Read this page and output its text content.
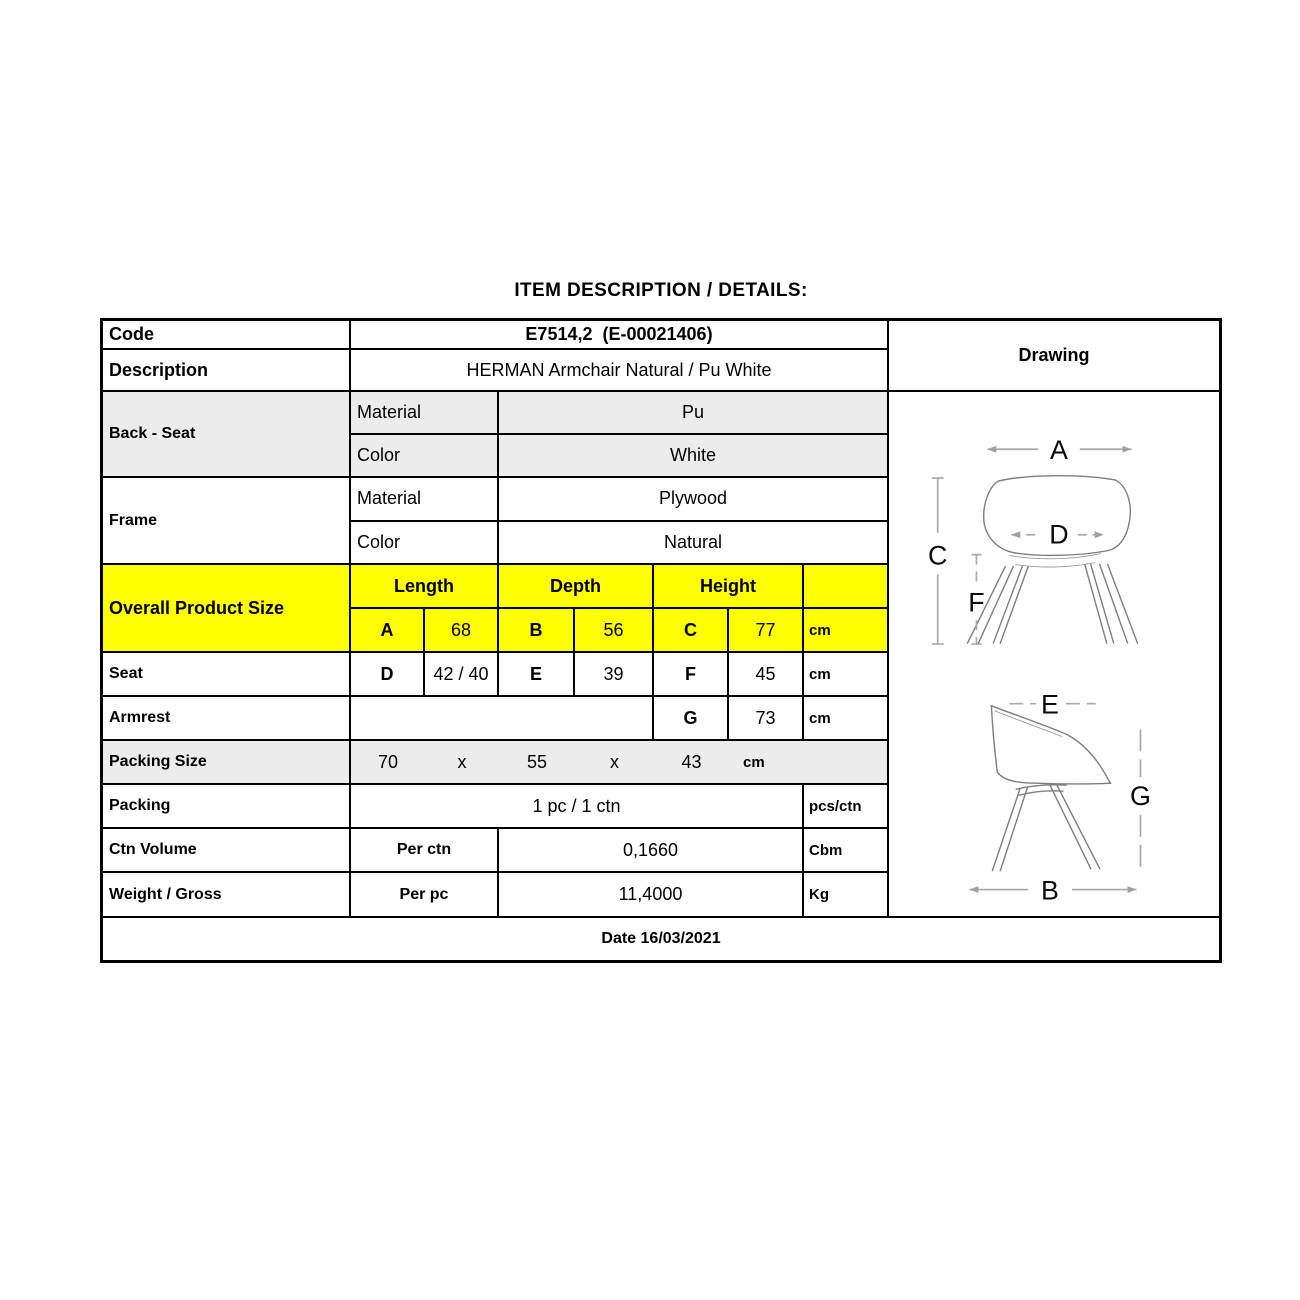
ITEM DESCRIPTION / DETAILS:
Code	E7514,2  (E-00021406)
Description	HERMAN Armchair Natural / Pu White
Back - Seat
Material	Pu
Color	White
Frame
Material	Plywood
Color	Natural
Overall Product Size
Length	Depth	Height
A	68	B	56	C	77	cm
Seat	D	42 / 40	E	39	F	45	cm
Armrest	G	73	cm
Packing Size	70	x	55	x	43	cm
Packing	1 pc / 1 ctn	pcs/ctn
Ctn Volume	Per ctn	0,1660	Cbm
Weight / Gross	Per pc	11,4000	Kg
Drawing
A
D
C
F
E
G
B
Date 16/03/2021
